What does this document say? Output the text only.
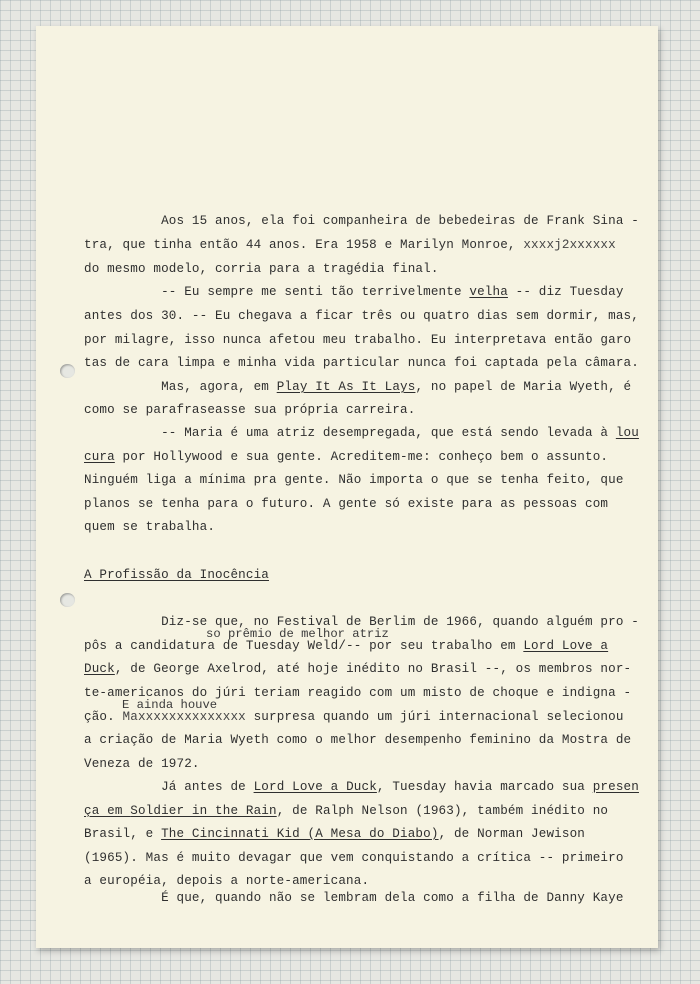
Aos 15 anos, ela foi companheira de bebedeiras de Frank Sina -

tra, que tinha então 44 anos. Era 1958 e Marilyn Monroe, xxxxj2xxxxxx

do mesmo modelo, corria para a tragédia final.

-- Eu sempre me senti tão terrivelmente velha -- diz Tuesday

antes dos 30. -- Eu chegava a ficar três ou quatro dias sem dormir, mas,

por milagre, isso nunca afetou meu trabalho. Eu interpretava então garo

tas de cara limpa e minha vida particular nunca foi captada pela câmara.

Mas, agora, em Play It As It Lays, no papel de Maria Wyeth, é

como se parafraseasse sua própria carreira.

-- Maria é uma atriz desempregada, que está sendo levada à lou

cura por Hollywood e sua gente. Acreditem-me: conheço bem o assunto.

Ninguém liga a mínima pra gente. Não importa o que se tenha feito, que

planos se tenha para o futuro. A gente só existe para as pessoas com

quem se trabalha.

A Profissão da Inocência

Diz-se que, no Festival de Berlim de 1966, quando alguém pro -

so prêmio de melhor atriz

pôs a candidatura de Tuesday Weld/-- por seu trabalho em Lord Love a

Duck, de George Axelrod, até hoje inédito no Brasil --, os membros nor-

te-americanos do júri teriam reagido com um misto de choque e indigna -

E ainda houve

ção. Maxxxxxxxxxxxxxx surpresa quando um júri internacional selecionou

a criação de Maria Wyeth como o melhor desempenho feminino da Mostra de

Veneza de 1972.

Já antes de Lord Love a Duck, Tuesday havia marcado sua presen

ça em Soldier in the Rain, de Ralph Nelson (1963), também inédito no

Brasil, e The Cincinnati Kid (A Mesa do Diabo), de Norman Jewison

(1965). Mas é muito devagar que vem conquistando a crítica -- primeiro

a européia, depois a norte-americana.

É que, quando não se lembram dela como a filha de Danny Kaye
